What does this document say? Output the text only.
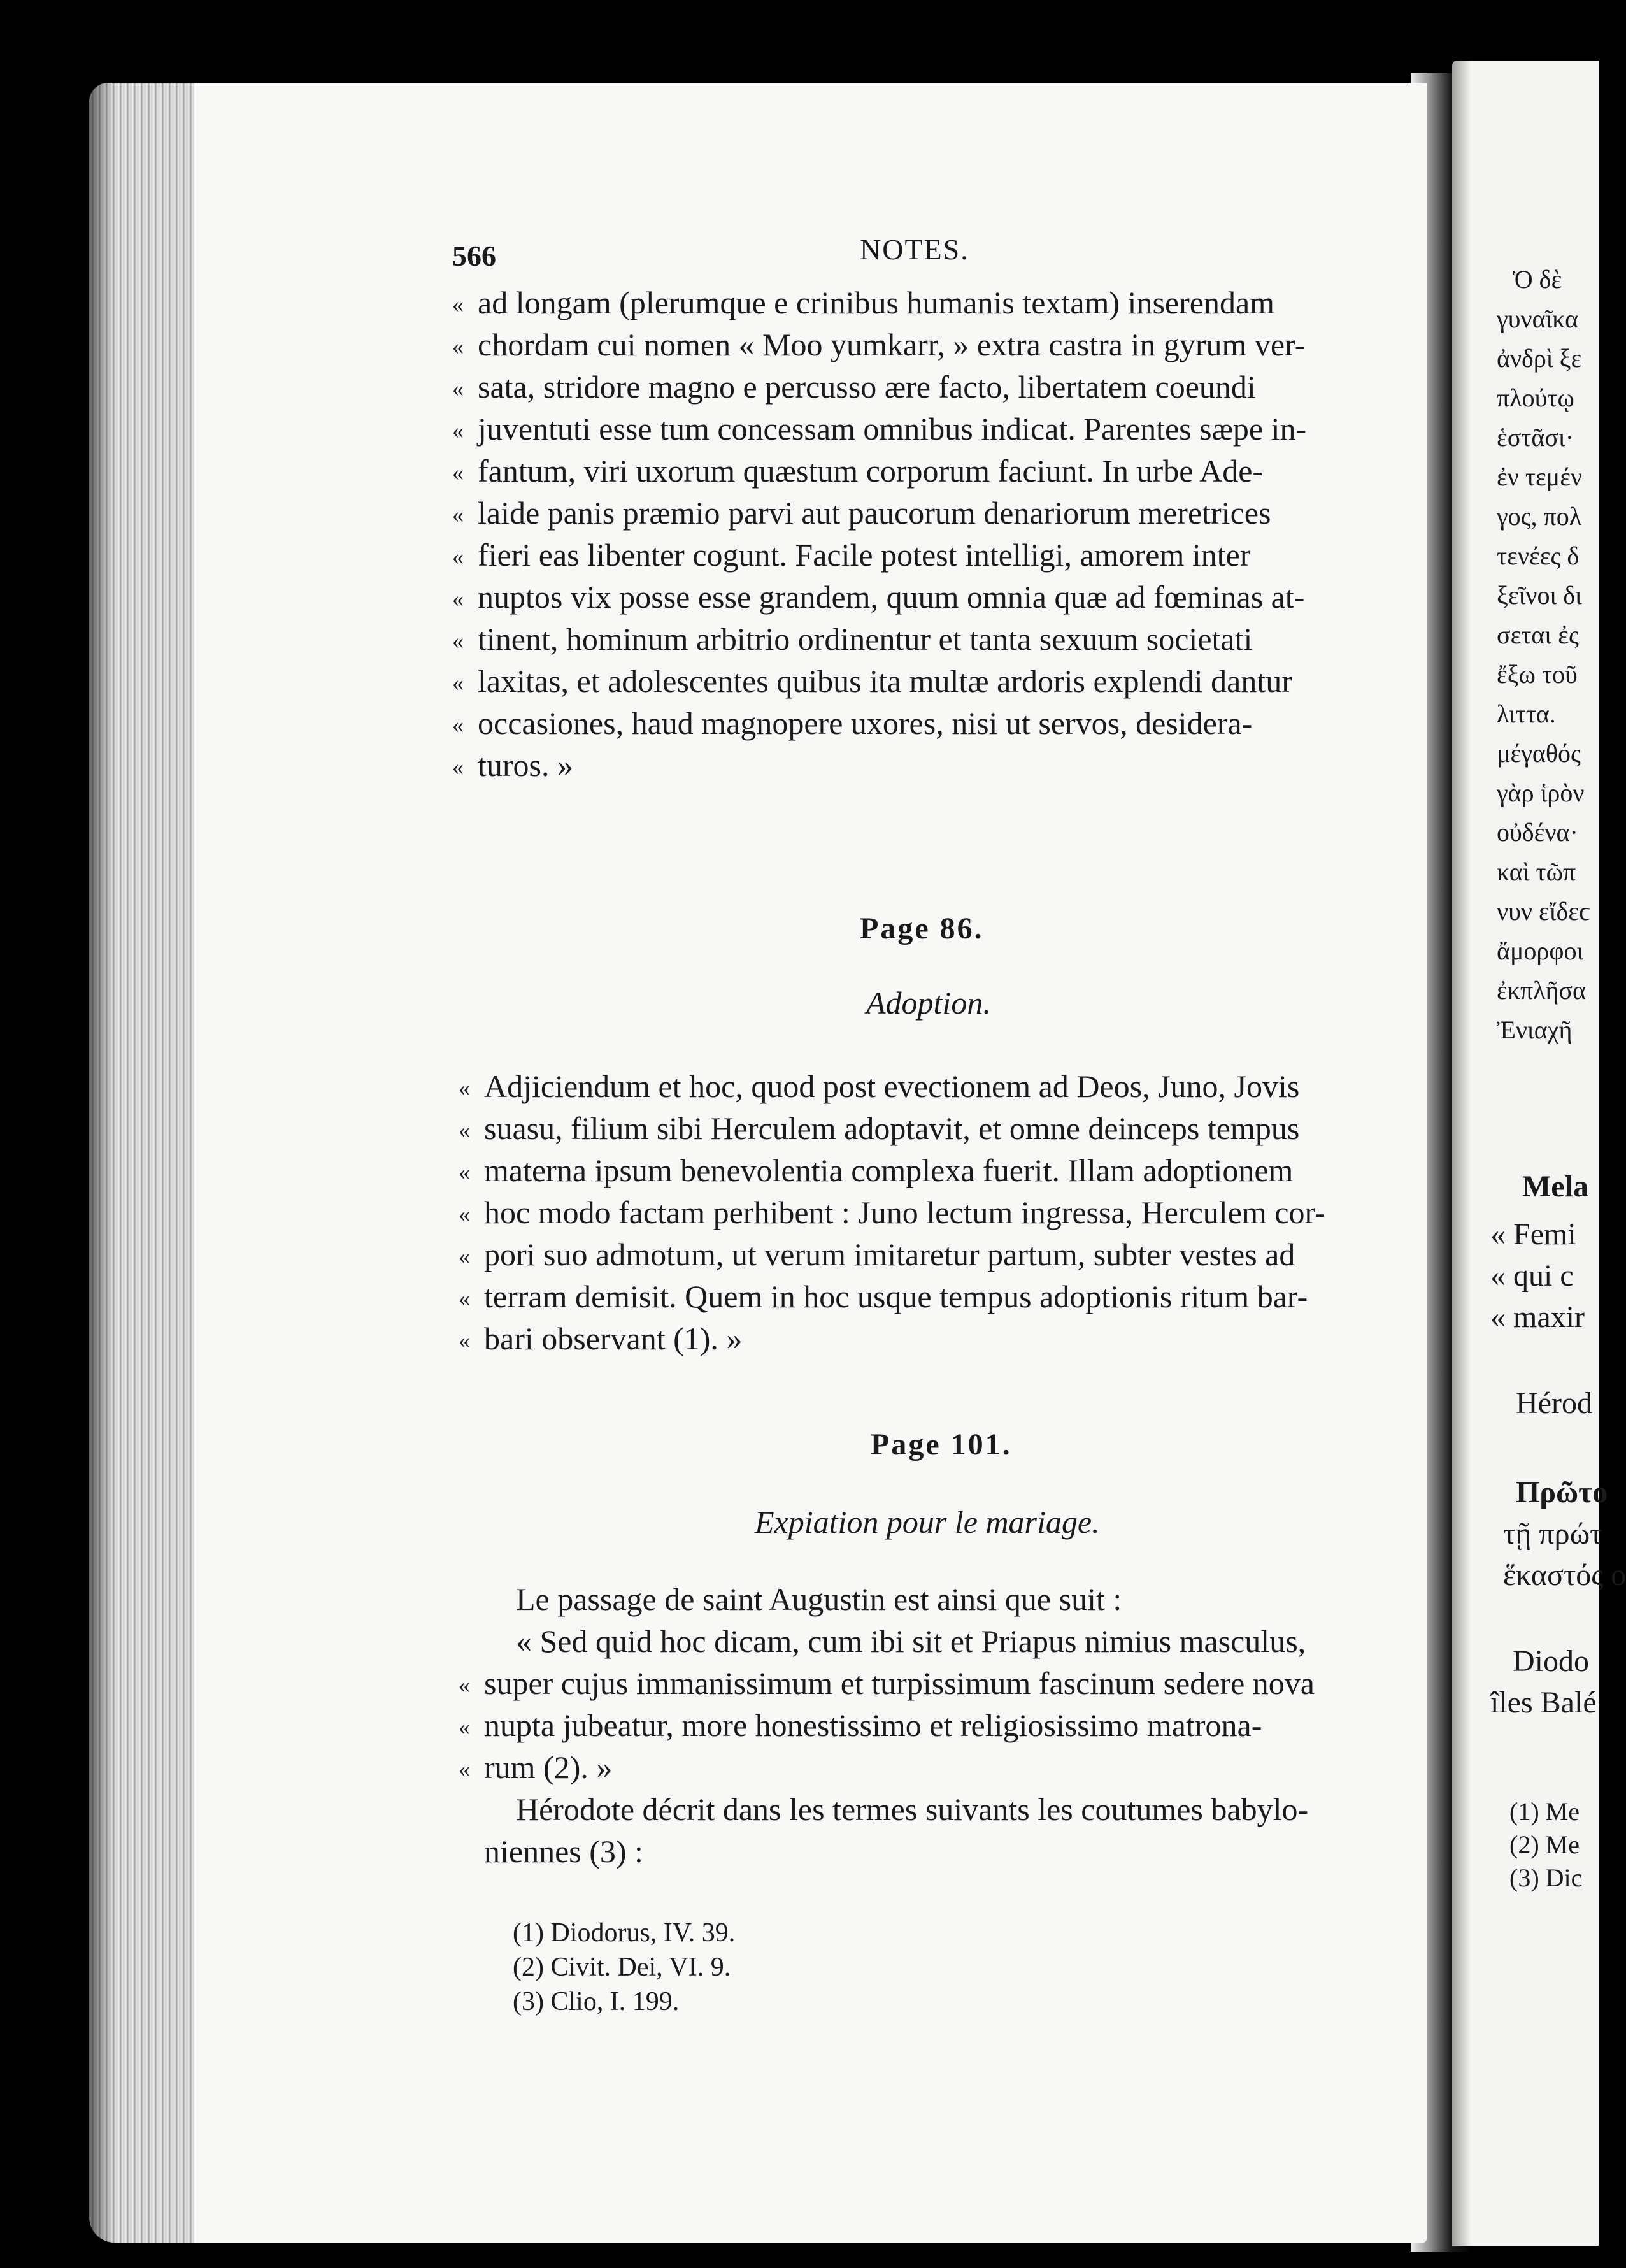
Ὁ δὲ
γυναῖκα
ἀνδρὶ ξε
πλούτῳ
ἑστᾶσι·
ἐν τεμέν
γος, πολ
τενέες δ
ξεῖνοι δι
σεται ἐς
ἔξω τοῦ
λιττα.
μέγαθός
γὰρ ἱρὸν
οὐδένα·
καὶ τῶπ
νυν εἴδεϲ
ἄμορφοι
ἐκπλῆσα
Ἐνιαχῆ
Mela
« Femi
« qui c
« maxir
Hérod
Πρῶτο
τῇ πρώτ
ἕκαστός ο
Diodo
îles Balé
(1) Me
(2) Me
(3) Dic
566	NOTES.
« ad longam (plerumque e crinibus humanis textam) inserendam
« chordam cui nomen « Moo yumkarr, » extra castra in gyrum ver-
« sata, stridore magno e percusso ære facto, libertatem coeundi
« juventuti esse tum concessam omnibus indicat. Parentes sæpe in-
« fantum, viri uxorum quæstum corporum faciunt. In urbe Ade-
« laide panis præmio parvi aut paucorum denariorum meretrices
« fieri eas libenter cogunt. Facile potest intelligi, amorem inter
« nuptos vix posse esse grandem, quum omnia quæ ad fœminas at-
« tinent, hominum arbitrio ordinentur et tanta sexuum societati
« laxitas, et adolescentes quibus ita multæ ardoris explendi dantur
« occasiones, haud magnopere uxores, nisi ut servos, desidera-
« turos. »
Page 86.
Adoption.
« Adjiciendum et hoc, quod post evectionem ad Deos, Juno, Jovis
« suasu, filium sibi Herculem adoptavit, et omne deinceps tempus
« materna ipsum benevolentia complexa fuerit. Illam adoptionem
« hoc modo factam perhibent : Juno lectum ingressa, Herculem cor-
« pori suo admotum, ut verum imitaretur partum, subter vestes ad
« terram demisit. Quem in hoc usque tempus adoptionis ritum bar-
« bari observant (1). »
Page 101.
Expiation pour le mariage.
Le passage de saint Augustin est ainsi que suit :
« Sed quid hoc dicam, cum ibi sit et Priapus nimius masculus,
« super cujus immanissimum et turpissimum fascinum sedere nova
« nupta jubeatur, more honestissimo et religiosissimo matrona-
« rum (2). »
Hérodote décrit dans les termes suivants les coutumes babylo-
niennes (3) :
(1) Diodorus, IV. 39.
(2) Civit. Dei, VI. 9.
(3) Clio, I. 199.
